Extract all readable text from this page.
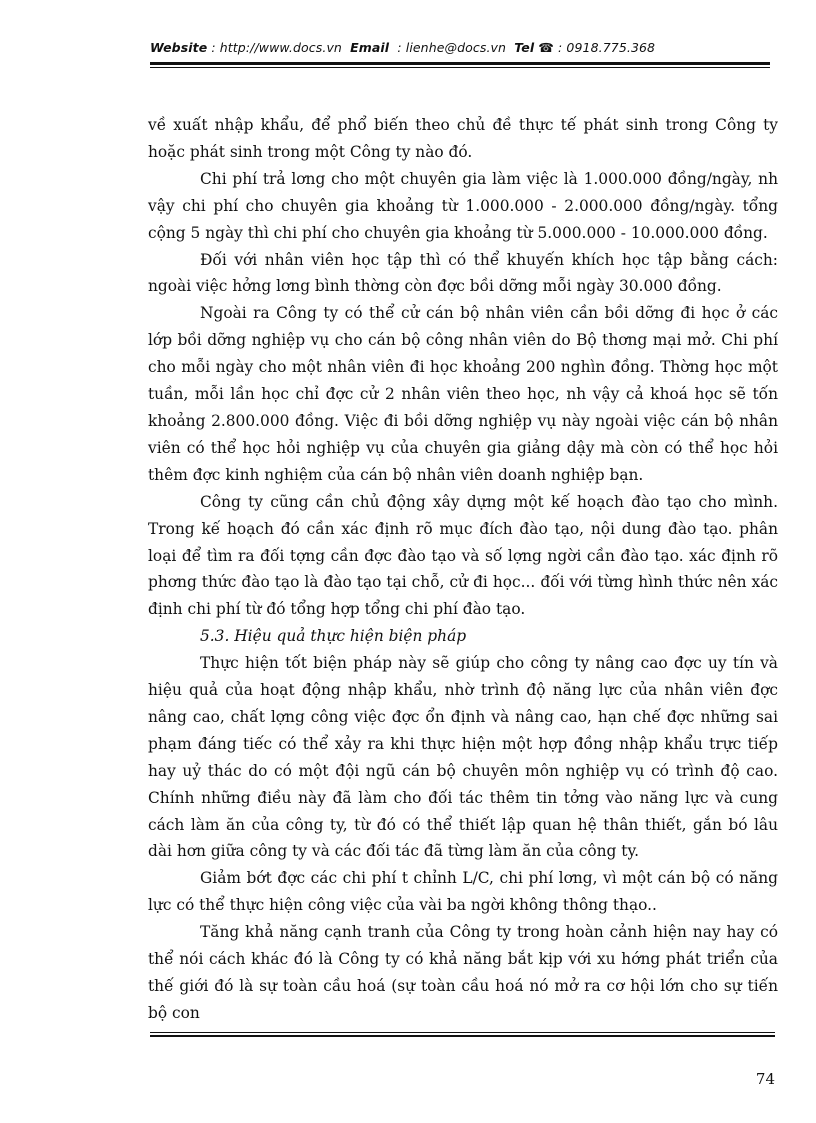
Website : http://www.docs.vn Email : lienhe@docs.vn Tel ☎ : 0918.775.368

về xuất nhập khẩu, để phổ biến theo chủ đề thực tế phát sinh trong Công ty hoặc phát sinh trong một Công ty nào đó.

Chi phí trả lơng cho một chuyên gia làm việc là 1.000.000 đồng/ngày, nh vậy chi phí cho chuyên gia khoảng từ 1.000.000 - 2.000.000 đồng/ngày. tổng cộng 5 ngày thì chi phí cho chuyên gia khoảng từ 5.000.000 - 10.000.000 đồng.

Đối với nhân viên học tập thì có thể khuyến khích học tập bằng cách: ngoài việc hởng lơng bình thờng còn đợc bồi dỡng mỗi ngày 30.000 đồng.

Ngoài ra Công ty có thể cử cán bộ nhân viên cần bồi dỡng đi học ở các lớp bồi dỡng nghiệp vụ cho cán bộ công nhân viên do Bộ thơng mại mở. Chi phí cho mỗi ngày cho một nhân viên đi học khoảng 200 nghìn đồng. Thờng học một tuần, mỗi lần học chỉ đợc cử 2 nhân viên theo học, nh vậy cả khoá học sẽ tốn khoảng 2.800.000 đồng. Việc đi bồi dỡng nghiệp vụ này ngoài việc cán bộ nhân viên có thể học hỏi nghiệp vụ của chuyên gia giảng dậy mà còn có thể học hỏi thêm đợc kinh nghiệm của cán bộ nhân viên doanh nghiệp bạn.

Công ty cũng cần chủ động xây dựng một kế hoạch đào tạo cho mình. Trong kế hoạch đó cần xác định rõ mục đích đào tạo, nội dung đào tạo. phân loại để tìm ra đối tợng cần đợc đào tạo và số lợng ngời cần đào tạo. xác định rõ phơng thức đào tạo là đào tạo tại chỗ, cử đi học... đối với từng hình thức nên xác định chi phí từ đó tổng hợp tổng chi phí đào tạo.

5.3. Hiệu quả thực hiện biện pháp

Thực hiện tốt biện pháp này sẽ giúp cho công ty nâng cao đợc uy tín và hiệu quả của hoạt động nhập khẩu, nhờ trình độ năng lực của nhân viên đợc nâng cao, chất lợng công việc đợc ổn định và nâng cao, hạn chế đợc những sai phạm đáng tiếc có thể xảy ra khi thực hiện một hợp đồng nhập khẩu trực tiếp hay uỷ thác do có một đội ngũ cán bộ chuyên môn nghiệp vụ có trình độ cao. Chính những điều này đã làm cho đối tác thêm tin tởng vào năng lực và cung cách làm ăn của công ty, từ đó có thể thiết lập quan hệ thân thiết, gắn bó lâu dài hơn giữa công ty và các đối tác đã từng làm ăn của công ty.

Giảm bớt đợc các chi phí t chỉnh L/C, chi phí lơng, vì một cán bộ có năng lực có thể thực hiện công việc của vài ba ngời không thông thạo..

Tăng khả năng cạnh tranh của Công ty trong hoàn cảnh hiện nay hay có thể nói cách khác đó là Công ty có khả năng bắt kịp với xu hớng phát triển của thế giới đó là sự toàn cầu hoá (sự toàn cầu hoá nó mở ra cơ hội lớn cho sự tiến bộ con

74
